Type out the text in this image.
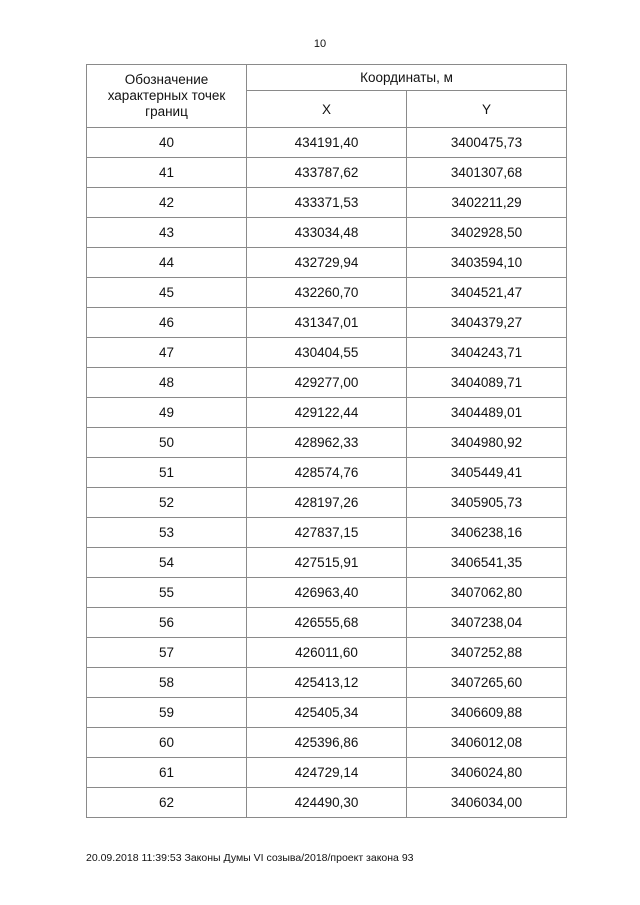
10
Обозначение характерных точек границ	Координаты, м	
	X	Y
40	434191,40	3400475,73
41	433787,62	3401307,68
42	433371,53	3402211,29
43	433034,48	3402928,50
44	432729,94	3403594,10
45	432260,70	3404521,47
46	431347,01	3404379,27
47	430404,55	3404243,71
48	429277,00	3404089,71
49	429122,44	3404489,01
50	428962,33	3404980,92
51	428574,76	3405449,41
52	428197,26	3405905,73
53	427837,15	3406238,16
54	427515,91	3406541,35
55	426963,40	3407062,80
56	426555,68	3407238,04
57	426011,60	3407252,88
58	425413,12	3407265,60
59	425405,34	3406609,88
60	425396,86	3406012,08
61	424729,14	3406024,80
62	424490,30	3406034,00
20.09.2018 11:39:53 Законы Думы VI созыва/2018/проект закона 93
